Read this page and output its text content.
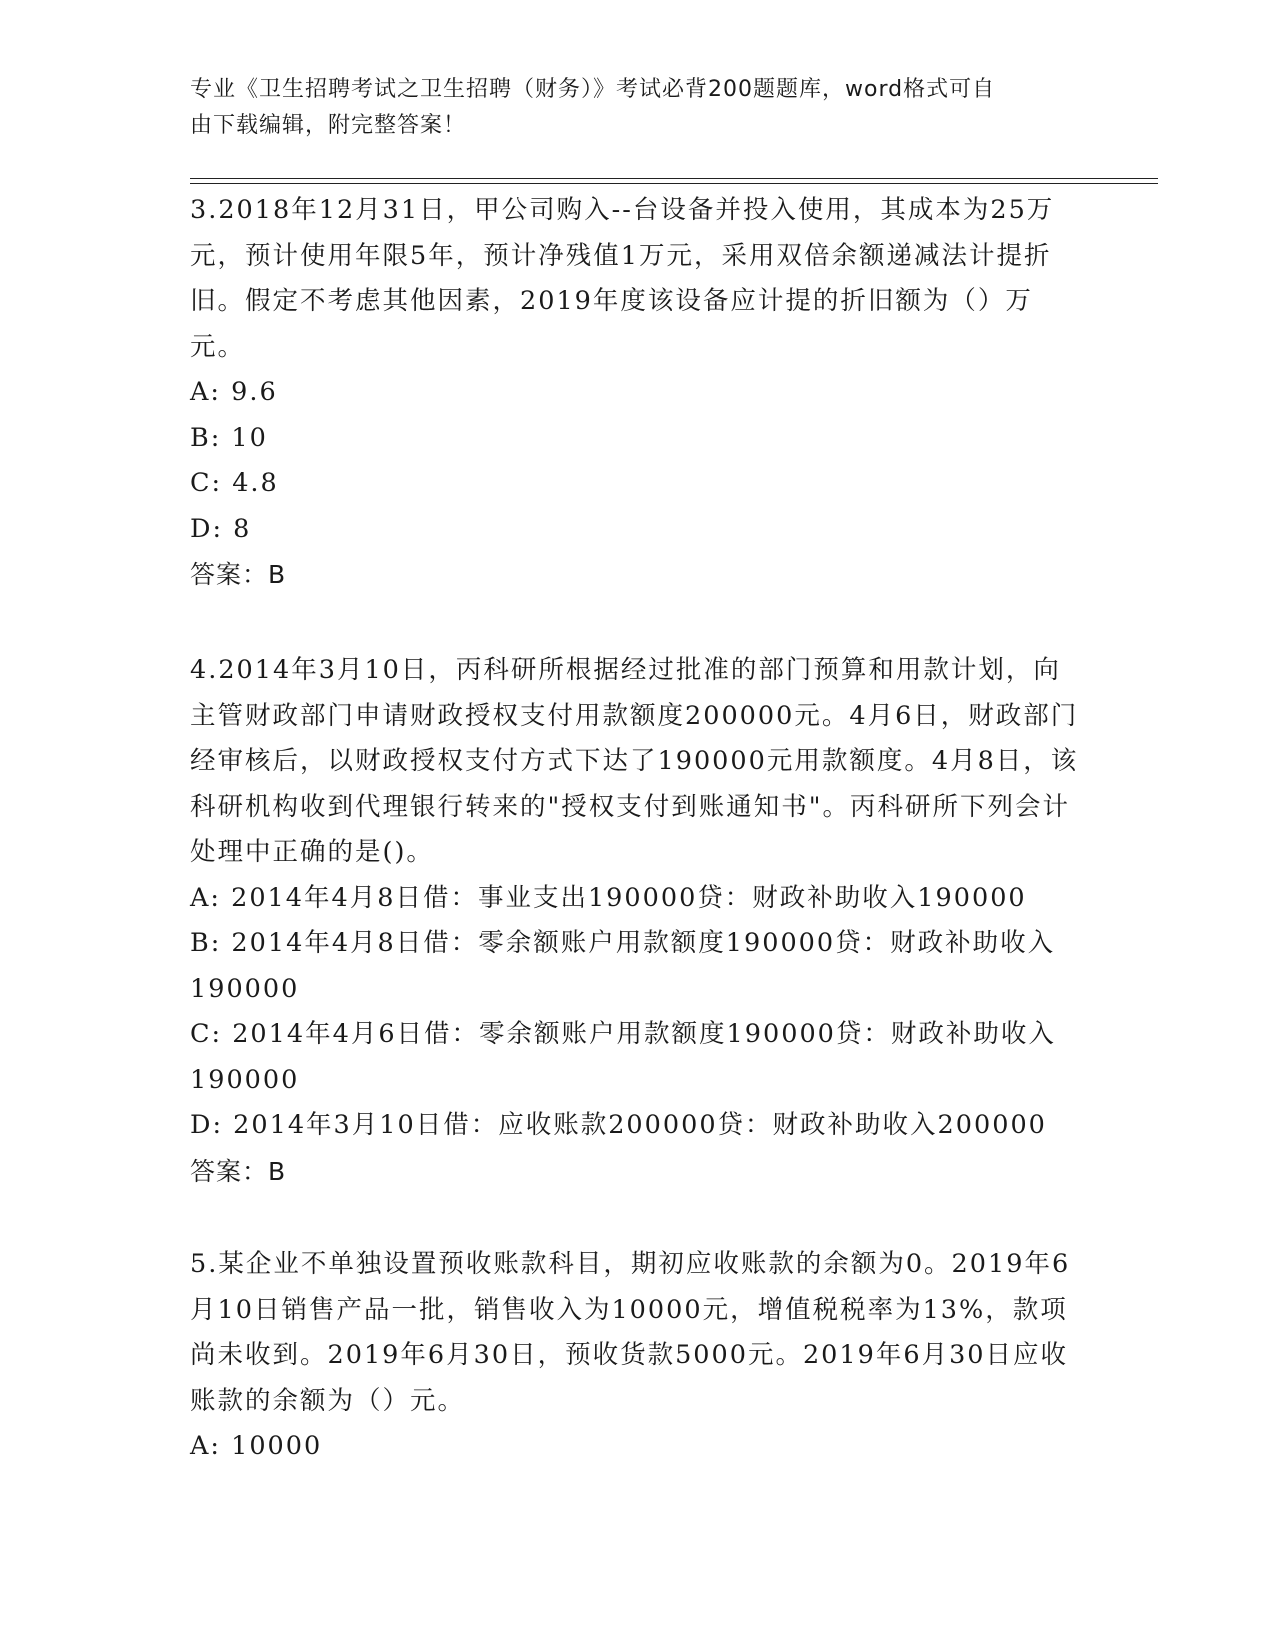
专业《卫生招聘考试之卫生招聘（财务）》考试必背200题题库，word格式可自
由下载编辑，附完整答案！

3.2018年12月31日，甲公司购入--台设备并投入使用，其成本为25万元，预计使用年限5年，预计净残值1万元，采用双倍余额递减法计提折旧。假定不考虑其他因素，2019年度该设备应计提的折旧额为（）万元。

A: 9.6

B: 10

C: 4.8

D: 8

答案：B

4.2014年3月10日，丙科研所根据经过批准的部门预算和用款计划，向主管财政部门申请财政授权支付用款额度200000元。4月6日，财政部门经审核后，以财政授权支付方式下达了190000元用款额度。4月8日，该科研机构收到代理银行转来的"授权支付到账通知书"。丙科研所下列会计处理中正确的是()。

A: 2014年4月8日借：事业支出190000贷：财政补助收入190000

B: 2014年4月8日借：零余额账户用款额度190000贷：财政补助收入190000

C: 2014年4月6日借：零余额账户用款额度190000贷：财政补助收入190000

D: 2014年3月10日借：应收账款200000贷：财政补助收入200000

答案：B

5.某企业不单独设置预收账款科目，期初应收账款的余额为0。2019年6月10日销售产品一批，销售收入为10000元，增值税税率为13%，款项尚未收到。2019年6月30日，预收货款5000元。2019年6月30日应收账款的余额为（）元。

A: 10000
